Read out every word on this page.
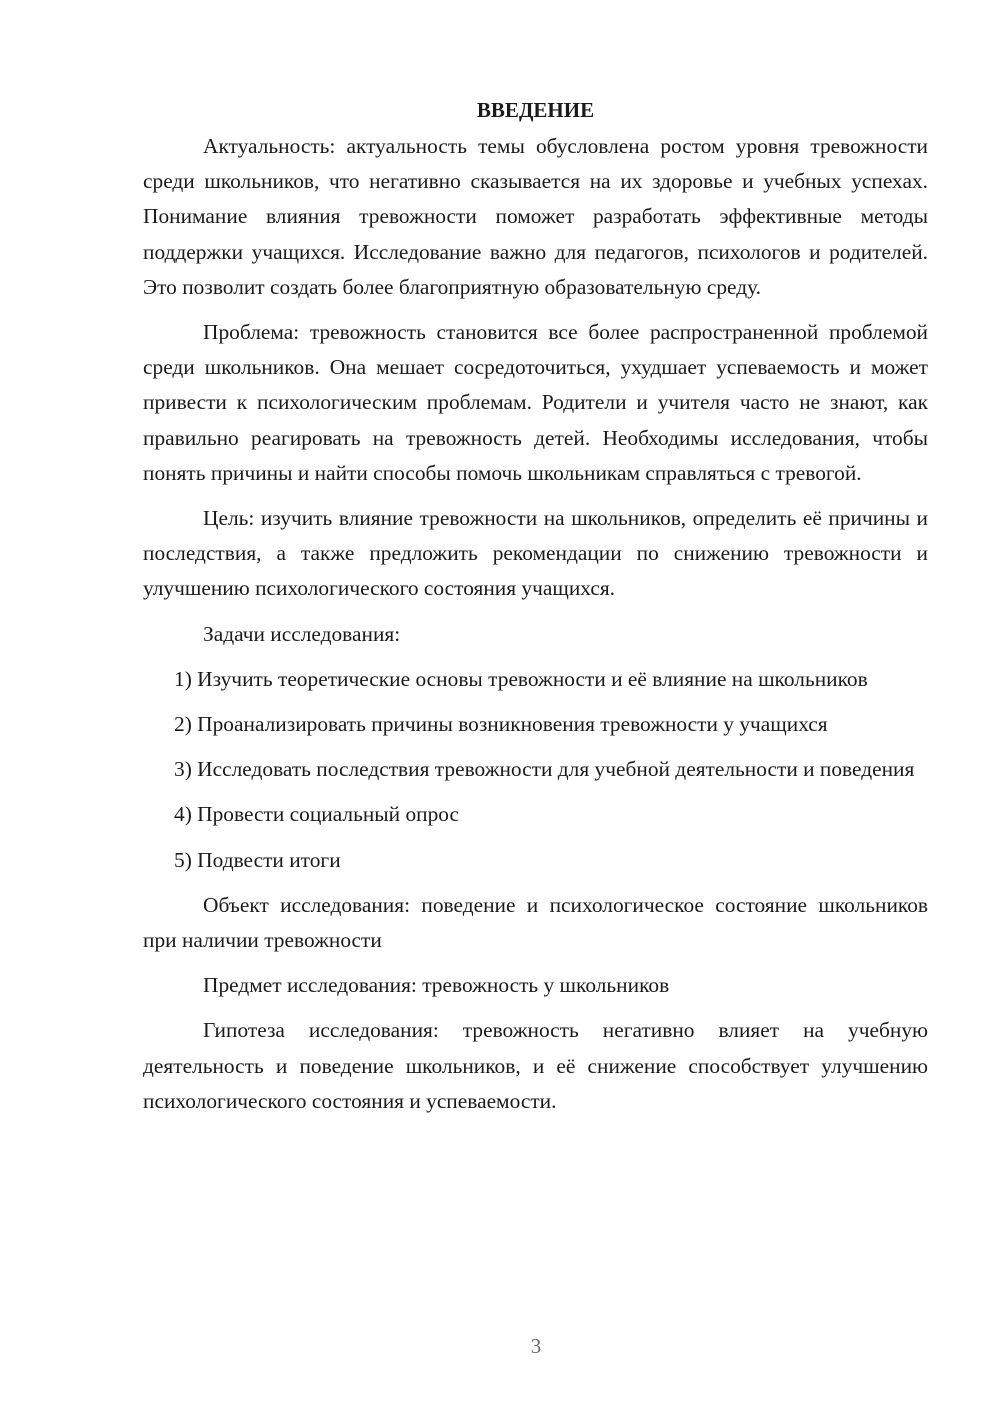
ВВЕДЕНИЕ

Актуальность: актуальность темы обусловлена ростом уровня тревожности среди школьников, что негативно сказывается на их здоровье и учебных успехах. Понимание влияния тревожности поможет разработать эффективные методы поддержки учащихся. Исследование важно для педагогов, психологов и родителей. Это позволит создать более благоприятную образовательную среду.

Проблема: тревожность становится все более распространенной проблемой среди школьников. Она мешает сосредоточиться, ухудшает успеваемость и может привести к психологическим проблемам. Родители и учителя часто не знают, как правильно реагировать на тревожность детей. Необходимы исследования, чтобы понять причины и найти способы помочь школьникам справляться с тревогой.

Цель: изучить влияние тревожности на школьников, определить её причины и последствия, а также предложить рекомендации по снижению тревожности и улучшению психологического состояния учащихся.

Задачи исследования:

1) Изучить теоретические основы тревожности и её влияние на школьников

2) Проанализировать причины возникновения тревожности у учащихся

3) Исследовать последствия тревожности для учебной деятельности и поведения

4) Провести социальный опрос

5) Подвести итоги

Объект исследования: поведение и психологическое состояние школьников при наличии тревожности

Предмет исследования: тревожность у школьников

Гипотеза исследования: тревожность негативно влияет на учебную деятельность и поведение школьников, и её снижение способствует улучшению психологического состояния и успеваемости.

3
